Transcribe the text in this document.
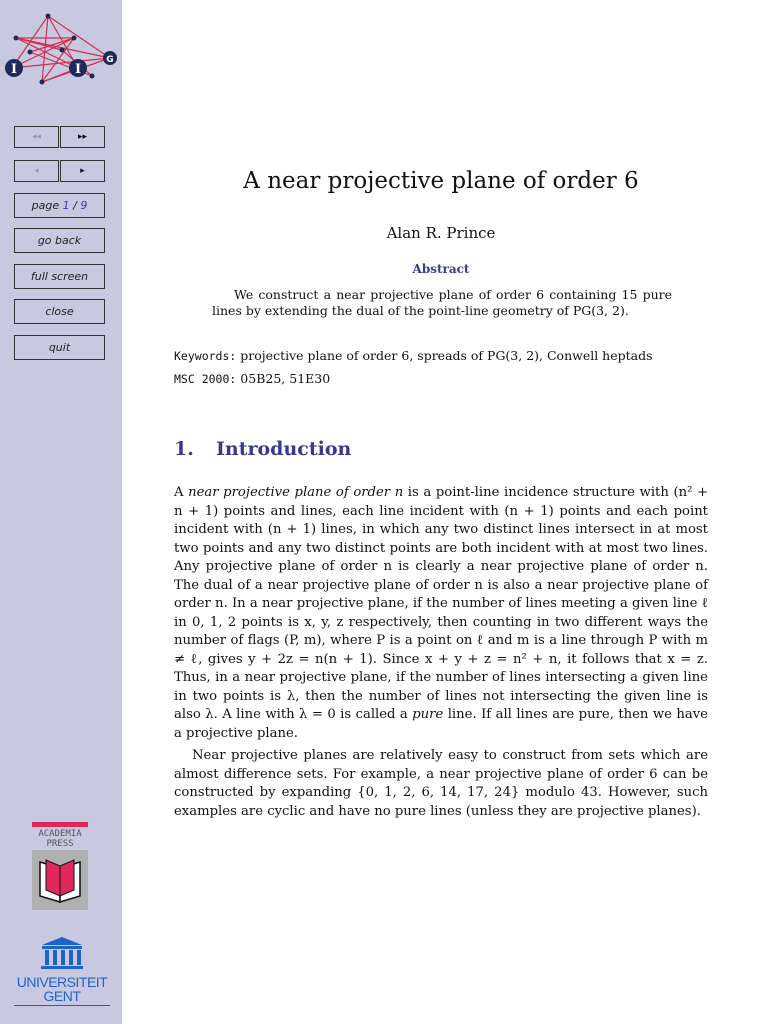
I	I
G
◂◂	▸▸
◂	▸
page
1
/
9
go back
full screen
close
quit
ACADEMIA
PRESS
UNIVERSITEIT
GENT
A near projective plane of order 6
Alan R. Prince
Abstract
We construct a near projective plane of order 6 containing 15 pure lines by extending the dual of the point-line geometry of PG(3, 2).
Keywords: projective plane of order 6, spreads of PG(3, 2), Conwell heptads
MSC 2000: 05B25, 51E30
1. Introduction

A near projective plane of order n is a point-line incidence structure with (n² + n + 1) points and lines, each line incident with (n + 1) points and each point incident with (n + 1) lines, in which any two distinct lines intersect in at most two points and any two distinct points are both incident with at most two lines. Any projective plane of order n is clearly a near projective plane of order n. The dual of a near projective plane of order n is also a near projective plane of order n. In a near projective plane, if the number of lines meeting a given line ℓ in 0, 1, 2 points is x, y, z respectively, then counting in two different ways the number of flags (P, m), where P is a point on ℓ and m is a line through P with m ≠ ℓ, gives y + 2z = n(n + 1). Since x + y + z = n² + n, it follows that x = z. Thus, in a near projective plane, if the number of lines intersecting a given line in two points is λ, then the number of lines not intersecting the given line is also λ. A line with λ = 0 is called a pure line. If all lines are pure, then we have a projective plane.

Near projective planes are relatively easy to construct from sets which are almost difference sets. For example, a near projective plane of order 6 can be constructed by expanding {0, 1, 2, 6, 14, 17, 24} modulo 43. However, such examples are cyclic and have no pure lines (unless they are projective planes).
